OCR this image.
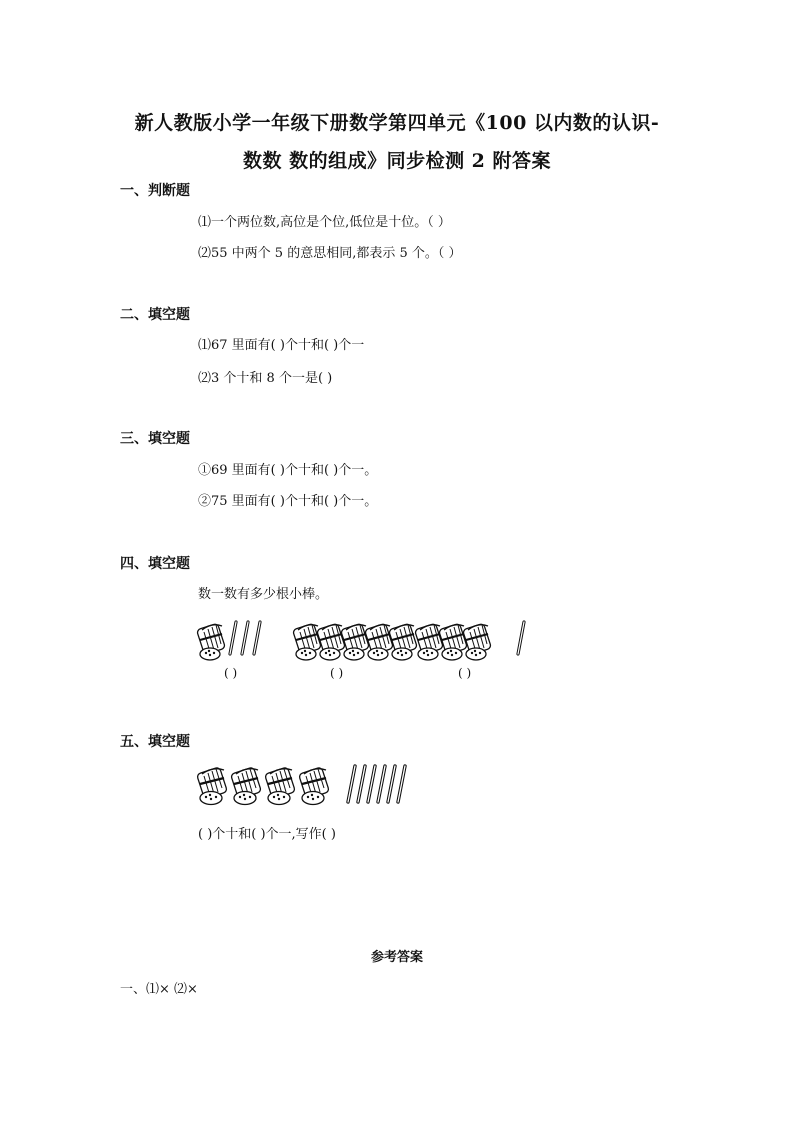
新人教版小学一年级下册数学第四单元《100 以内数的认识-
数数 数的组成》同步检测 2 附答案
一、判断题
⑴一个两位数,高位是个位,低位是十位。（ ）
⑵55 中两个 5 的意思相同,都表示 5 个。（ ）
二、填空题
⑴67 里面有( )个十和( )个一
⑵3 个十和 8 个一是( )
三、填空题
①69 里面有( )个十和( )个一。
②75 里面有( )个十和( )个一。
四、填空题
数一数有多少根小棒。
( )	( )	( )
五、填空题
( )个十和( )个一,写作( )
参考答案
一、⑴× ⑵×
